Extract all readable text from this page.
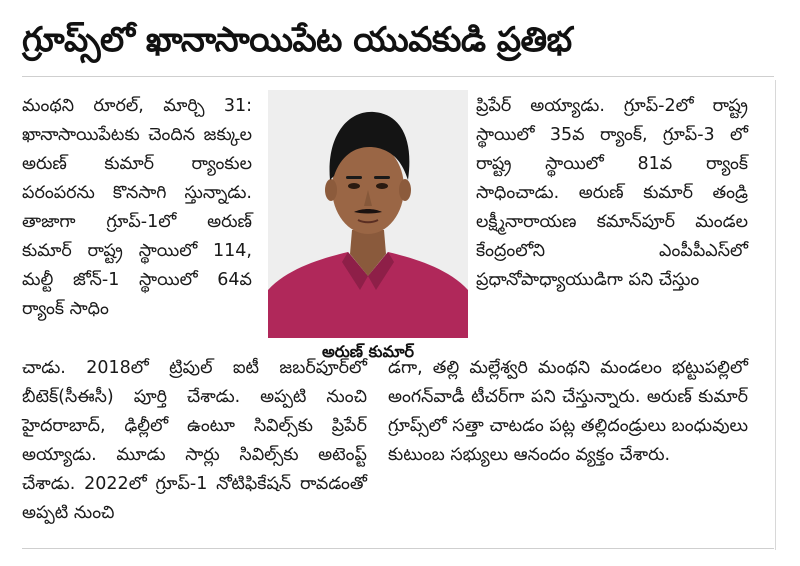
గ్రూప్స్‌లో ఖానాసాయిపేట యువకుడి ప్రతిభ
మంథని రూరల్, మార్చి 31: ఖానాసాయిపేటకు చెందిన జక్కుల అరుణ్ కుమార్ ర్యాంకుల పరంపరను కొనసాగి స్తున్నాడు. తాజాగా గ్రూప్-1లో అరుణ్ కుమార్ రాష్ట్ర స్థాయిలో 114, మల్టీ జోన్-1 స్థాయిలో 64వ ర్యాంక్ సాధిం
అరుణ్ కుమార్
ప్రిపేర్ అయ్యాడు. గ్రూప్-2లో రాష్ట్ర స్థాయిలో 35వ ర్యాంక్, గ్రూప్-3 లో రాష్ట్ర స్థాయిలో 81వ ర్యాంక్ సాధించాడు. అరుణ్ కుమార్ తండ్రి లక్ష్మీనారాయణ కమాన్‌పూర్ మండల కేంద్రంలోని ఎంపీపీఎస్‌లో ప్రధానోపాధ్యాయుడిగా పని చేస్తుం
చాడు. 2018లో ట్రిపుల్ ఐటీ జబర్‌పూర్‌లో బీటెక్(సీఈసీ) పూర్తి చేశాడు. అప్పటి నుంచి హైదరాబాద్, ఢిల్లీలో ఉంటూ సివిల్స్‌కు ప్రిపేర్ అయ్యాడు. మూడు సార్లు సివిల్స్‌కు అటెంప్ట్ చేశాడు. 2022లో గ్రూప్-1 నోటిఫికేషన్ రావడంతో అప్పటి నుంచి
డగా, తల్లి మల్లేశ్వరి మంథని మండలం భట్టుపల్లిలో అంగన్‌వాడీ టీచర్‌గా పని చేస్తున్నారు. అరుణ్ కుమార్ గ్రూప్స్‌లో సత్తా చాటడం పట్ల తల్లిదండ్రులు బంధువులు కుటుంబ సభ్యులు ఆనందం వ్యక్తం చేశారు.
